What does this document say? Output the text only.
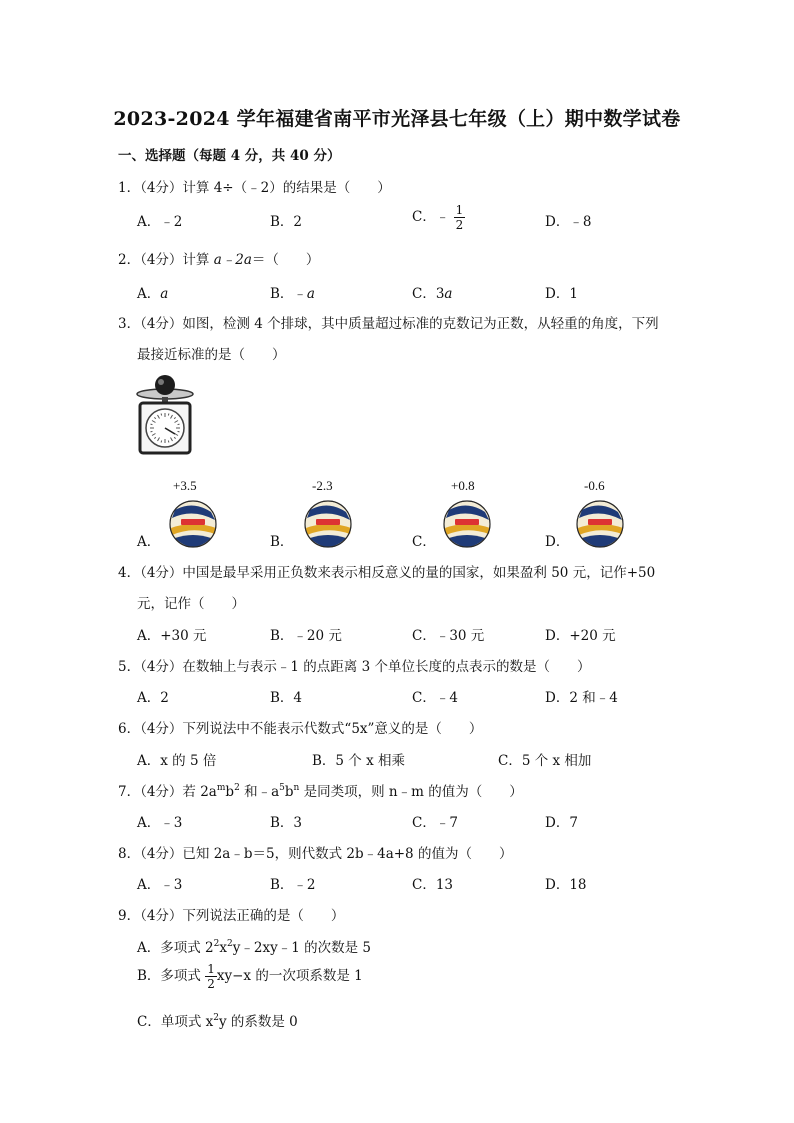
2023-2024 学年福建省南平市光泽县七年级（上）期中数学试卷
一、选择题（每题 4 分，共 40 分）
1．（4分）计算 4÷（﹣2）的结果是（　　）
A．﹣2	B．2	C．﹣ $\frac{1}{2}$	D．﹣8
2．（4分）计算 a﹣2a＝（　　）
A．a	B．﹣a	C．3a	D．1
3．（4分）如图，检测 4 个排球，其中质量超过标准的克数记为正数，从轻重的角度，下列
最接近标准的是（　　）
+3.5	-2.3	+0.8	-0.6
A．	B．	C．	D．
4．（4分）中国是最早采用正负数来表示相反意义的量的国家，如果盈利 50 元，记作+50
元，记作（　　）
A．+30 元	B．﹣20 元	C．﹣30 元	D．+20 元
5．（4分）在数轴上与表示﹣1 的点距离 3 个单位长度的点表示的数是（　　）
A．2	B．4	C．﹣4	D．2 和﹣4
6．（4分）下列说法中不能表示代数式“5x”意义的是（　　）
A．x 的 5 倍	B．5 个 x 相乘	C．5 个 x 相加
7．（4分）若 $2a^mb^2$ 和$﹣a^5b^n$ 是同类项，则 n﹣m 的值为（　　）
A．﹣3	B．3	C．﹣7	D．7
8．（4分）已知 2a﹣b＝5，则代数式 2b﹣4a+8 的值为（　　）
A．﹣3	B．﹣2	C．13	D．18
9．（4分）下列说法正确的是（　　）
A．多项式 $2^2x^2y﹣2xy﹣1$ 的次数是 5
B．多项式 $\frac{1}{2} xy-x$ 的一次项系数是 1
C．单项式 $x^2y$ 的系数是 0
